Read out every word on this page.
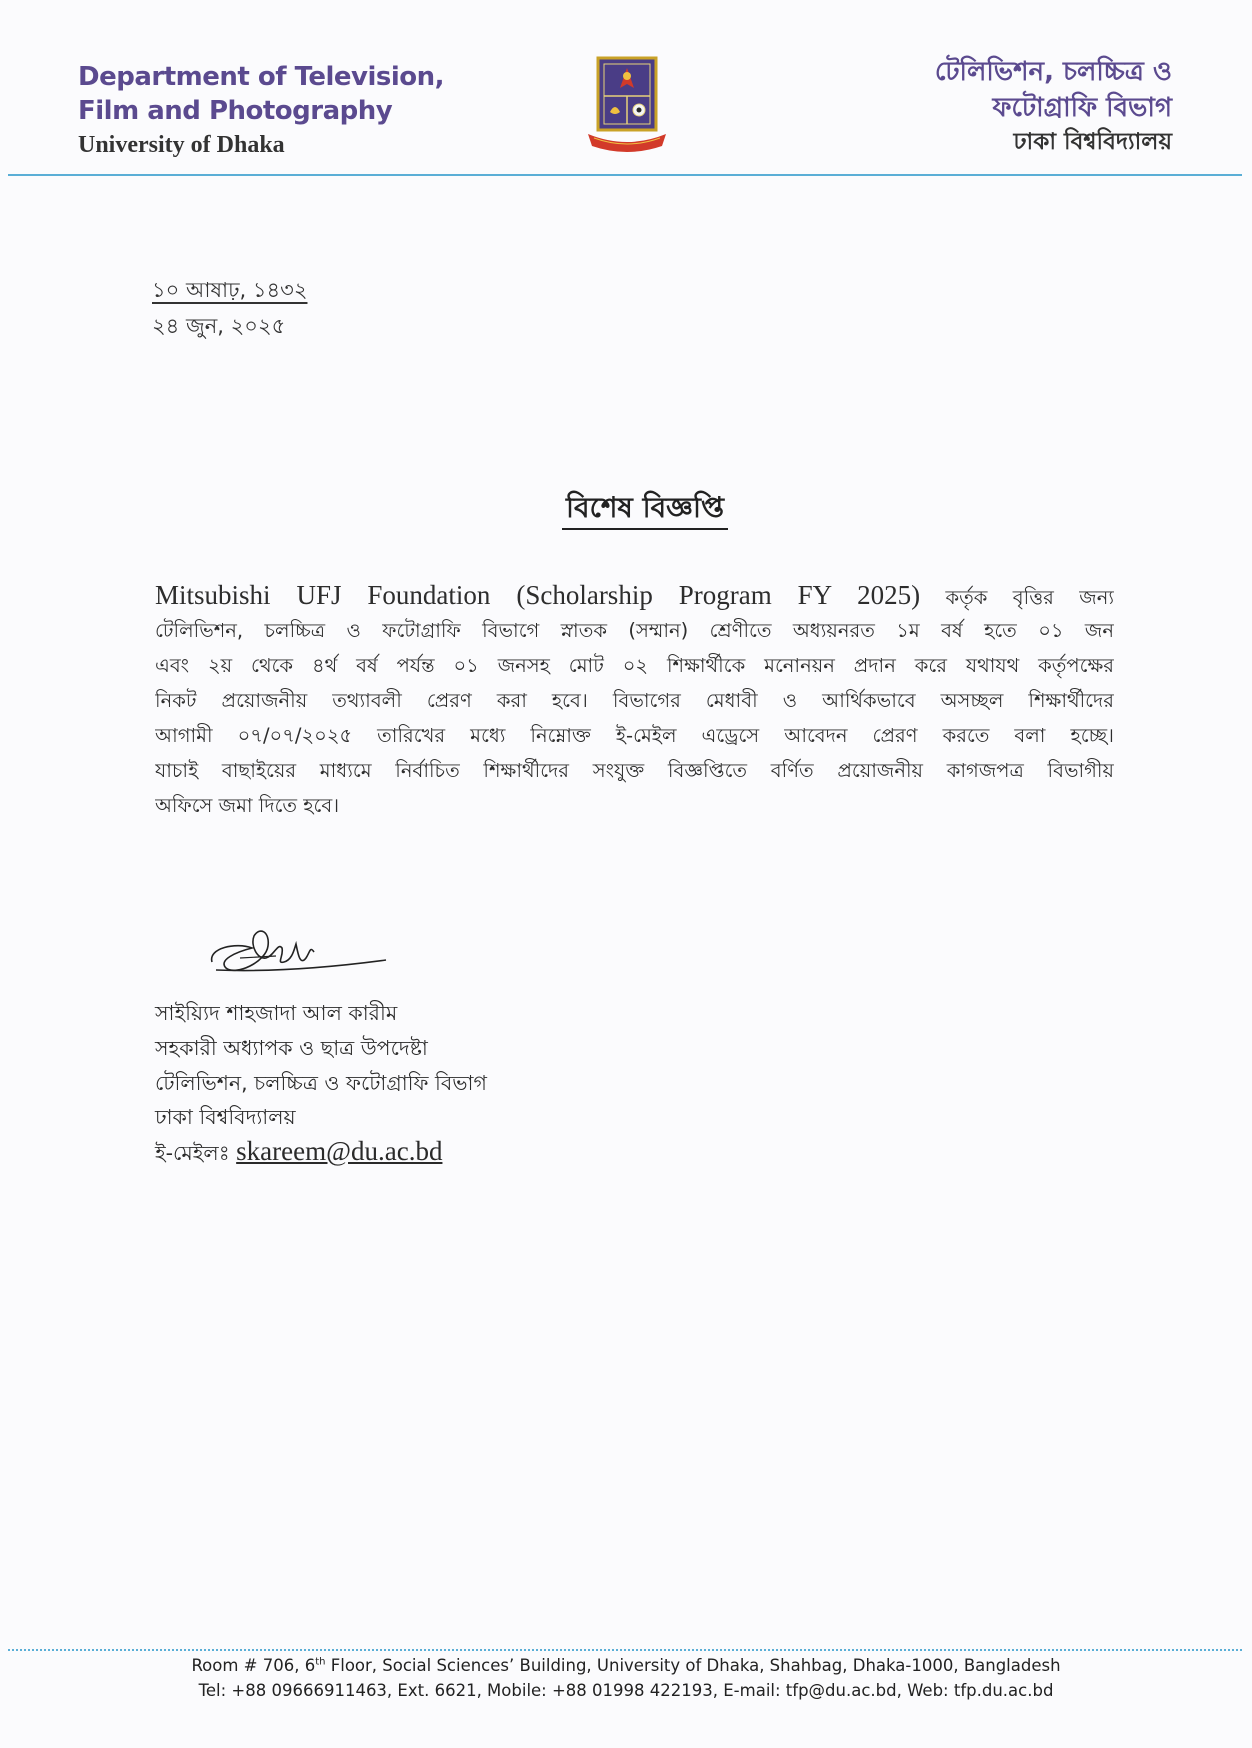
Department of Television,
Film and Photography
University of Dhaka
টেলিভিশন, চলচ্চিত্র ও
ফটোগ্রাফি বিভাগ
ঢাকা বিশ্ববিদ্যালয়
১০ আষাঢ়, ১৪৩২
২৪ জুন, ২০২৫
বিশেষ বিজ্ঞপ্তি
Mitsubishi UFJ Foundation (Scholarship Program FY 2025) কর্তৃক বৃত্তির জন্য
টেলিভিশন, চলচ্চিত্র ও ফটোগ্রাফি বিভাগে স্নাতক (সম্মান) শ্রেণীতে অধ্যয়নরত ১ম বর্ষ হতে ০১ জন
এবং ২য় থেকে ৪র্থ বর্ষ পর্যন্ত ০১ জনসহ মোট ০২ শিক্ষার্থীকে মনোনয়ন প্রদান করে যথাযথ কর্তৃপক্ষের
নিকট প্রয়োজনীয় তথ্যাবলী প্রেরণ করা হবে। বিভাগের মেধাবী ও আর্থিকভাবে অসচ্ছল শিক্ষার্থীদের
আগামী ০৭/০৭/২০২৫ তারিখের মধ্যে নিম্নোক্ত ই-মেইল এড্রেসে আবেদন প্রেরণ করতে বলা হচ্ছে।
যাচাই বাছাইয়ের মাধ্যমে নির্বাচিত শিক্ষার্থীদের সংযুক্ত বিজ্ঞপ্তিতে বর্ণিত প্রয়োজনীয় কাগজপত্র বিভাগীয়
অফিসে জমা দিতে হবে।
সাইয়্যিদ শাহজাদা আল কারীম
সহকারী অধ্যাপক ও ছাত্র উপদেষ্টা
টেলিভিশন, চলচ্চিত্র ও ফটোগ্রাফি বিভাগ
ঢাকা বিশ্ববিদ্যালয়
ই-মেইলঃ skareem@du.ac.bd
Room # 706, 6th Floor, Social Sciences’ Building, University of Dhaka, Shahbag, Dhaka-1000, Bangladesh
Tel: +88 09666911463, Ext. 6621, Mobile: +88 01998 422193, E-mail: tfp@du.ac.bd, Web: tfp.du.ac.bd
